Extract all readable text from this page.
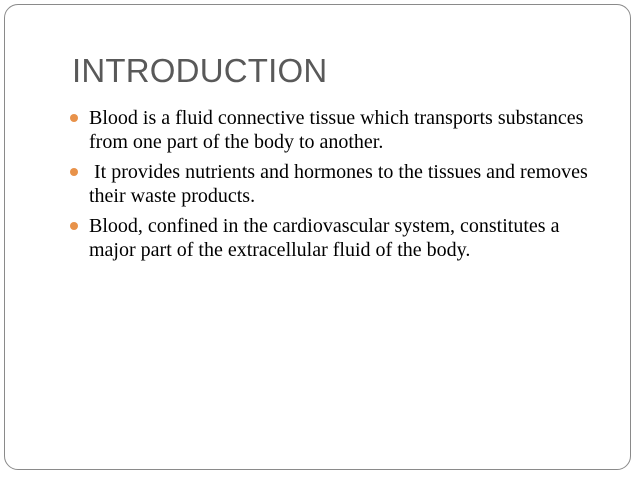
INTRODUCTION
Blood is a fluid connective tissue which transports substances from one part of the body to another.
It provides nutrients and hormones to the tissues and removes their waste products.
Blood, confined in the cardiovascular system, constitutes a major part of the extracellular fluid of the body.
